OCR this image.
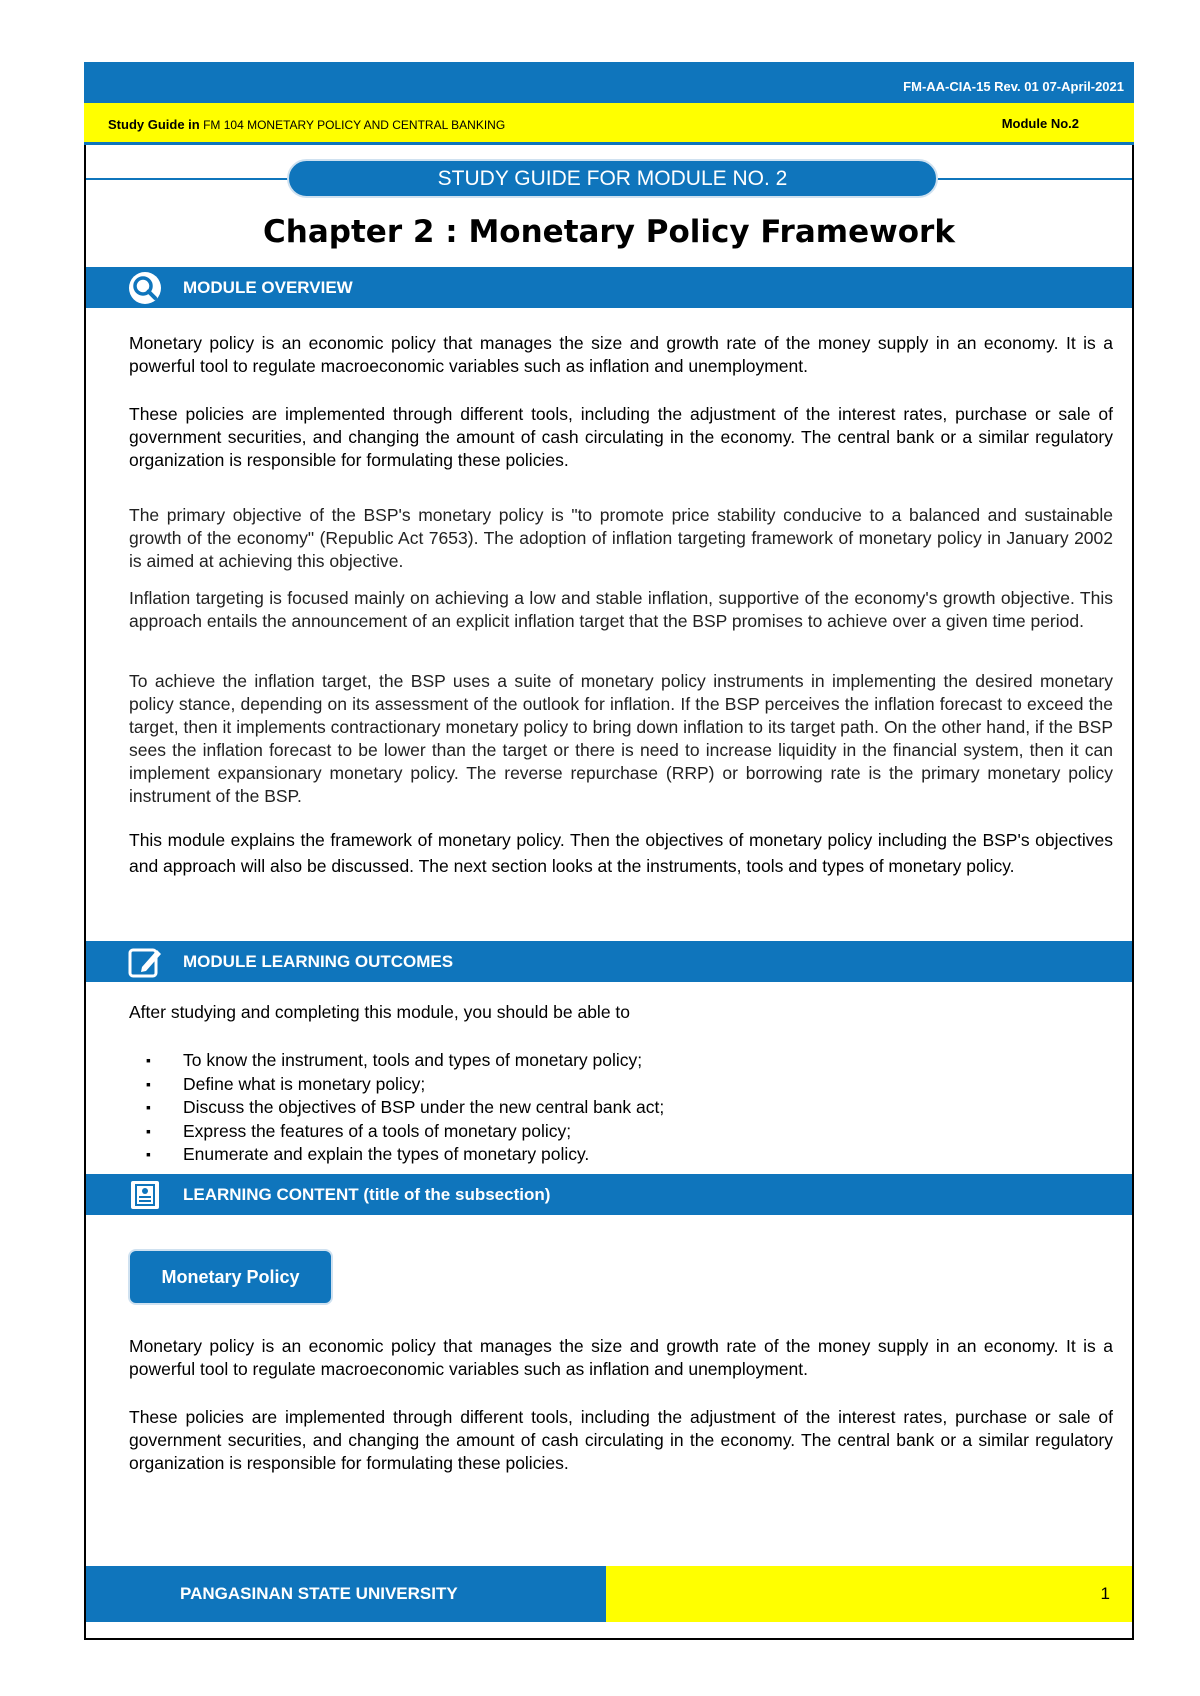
FM-AA-CIA-15 Rev. 01 07-April-2021
Study Guide in FM 104 MONETARY POLICY AND CENTRAL BANKING	Module No.2
STUDY GUIDE FOR MODULE NO. 2
Chapter 2 : Monetary Policy Framework
MODULE OVERVIEW
Monetary policy is an economic policy that manages the size and growth rate of the money supply in an economy. It is a powerful tool to regulate macroeconomic variables such as inflation and unemployment.
These policies are implemented through different tools, including the adjustment of the interest rates, purchase or sale of government securities, and changing the amount of cash circulating in the economy. The central bank or a similar regulatory organization is responsible for formulating these policies.
The primary objective of the BSP's monetary policy is "to promote price stability conducive to a balanced and sustainable growth of the economy" (Republic Act 7653). The adoption of inflation targeting framework of monetary policy in January 2002 is aimed at achieving this objective.
Inflation targeting is focused mainly on achieving a low and stable inflation, supportive of the economy's growth objective. This approach entails the announcement of an explicit inflation target that the BSP promises to achieve over a given time period.
To achieve the inflation target, the BSP uses a suite of monetary policy instruments in implementing the desired monetary policy stance, depending on its assessment of the outlook for inflation. If the BSP perceives the inflation forecast to exceed the target, then it implements contractionary monetary policy to bring down inflation to its target path. On the other hand, if the BSP sees the inflation forecast to be lower than the target or there is need to increase liquidity in the financial system, then it can implement expansionary monetary policy. The reverse repurchase (RRP) or borrowing rate is the primary monetary policy instrument of the BSP.
This module explains the framework of monetary policy. Then the objectives of monetary policy including the BSP's objectives and approach will also be discussed. The next section looks at the instruments, tools and types of monetary policy.
MODULE LEARNING OUTCOMES
After studying and completing this module, you should be able to
▪ To know the instrument, tools and types of monetary policy;
▪ Define what is monetary policy;
▪ Discuss the objectives of BSP under the new central bank act;
▪ Express the features of a tools of monetary policy;
▪ Enumerate and explain the types of monetary policy.
LEARNING CONTENT (title of the subsection)
Monetary Policy
Monetary policy is an economic policy that manages the size and growth rate of the money supply in an economy. It is a powerful tool to regulate macroeconomic variables such as inflation and unemployment.
These policies are implemented through different tools, including the adjustment of the interest rates, purchase or sale of government securities, and changing the amount of cash circulating in the economy. The central bank or a similar regulatory organization is responsible for formulating these policies.
PANGASINAN STATE UNIVERSITY	1
